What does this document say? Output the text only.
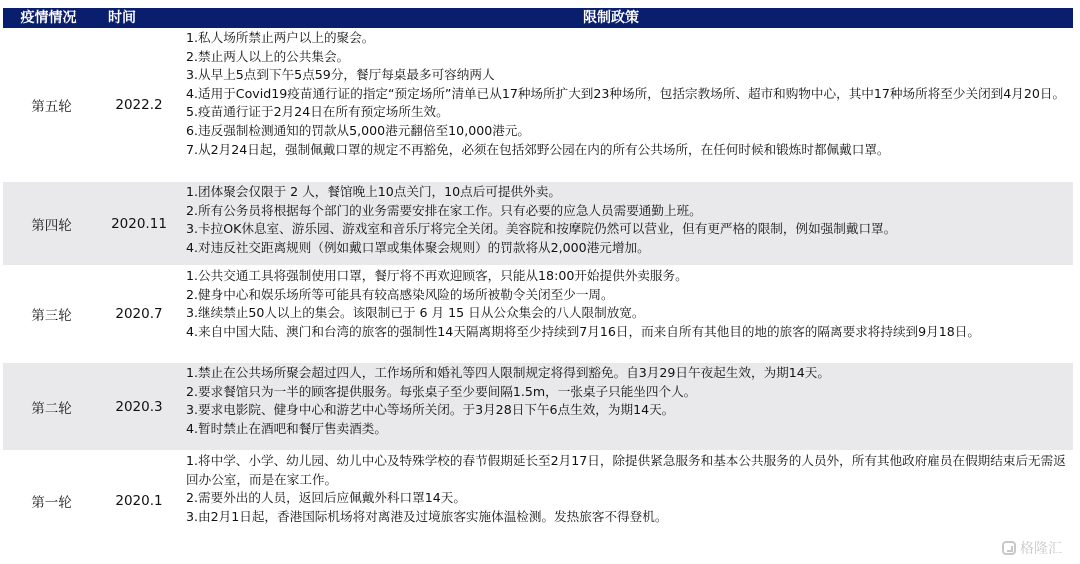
疫情情况	时间	限制政策
第五轮	2022.2
1.私人场所禁止两户以上的聚会。
2.禁止两人以上的公共集会。
3.从早上5点到下午5点59分，餐厅每桌最多可容纳两人
4.适用于Covid19疫苗通行证的指定“预定场所”清单已从17种场所扩大到23种场所，包括宗教场所、超市和购物中心，其中17种场所将至少关闭到4月20日。
5.疫苗通行证于2月24日在所有预定场所生效。
6.违反强制检测通知的罚款从5,000港元翻倍至10,000港元。
7.从2月24日起，强制佩戴口罩的规定不再豁免，必须在包括郊野公园在内的所有公共场所，在任何时候和锻炼时都佩戴口罩。
第四轮	2020.11
1.团体聚会仅限于 2 人，餐馆晚上10点关门，10点后可提供外卖。
2.所有公务员将根据每个部门的业务需要安排在家工作。只有必要的应急人员需要通勤上班。
3.卡拉OK休息室、游乐园、游戏室和音乐厅将完全关闭。美容院和按摩院仍然可以营业，但有更严格的限制，例如强制戴口罩。
4.对违反社交距离规则（例如戴口罩或集体聚会规则）的罚款将从2,000港元增加。
第三轮	2020.7
1.公共交通工具将强制使用口罩，餐厅将不再欢迎顾客，只能从18:00开始提供外卖服务。
2.健身中心和娱乐场所等可能具有较高感染风险的场所被勒令关闭至少一周。
3.继续禁止50人以上的集会。该限制已于 6 月 15 日从公众集会的八人限制放宽。
4.来自中国大陆、澳门和台湾的旅客的强制性14天隔离期将至少持续到7月16日，而来自所有其他目的地的旅客的隔离要求将持续到9月18日。
第二轮	2020.3
1.禁止在公共场所聚会超过四人，工作场所和婚礼等四人限制规定将得到豁免。自3月29日午夜起生效，为期14天。
2.要求餐馆只为一半的顾客提供服务。每张桌子至少要间隔1.5m，一张桌子只能坐四个人。
3.要求电影院、健身中心和游艺中心等场所关闭。于3月28日下午6点生效，为期14天。
4.暂时禁止在酒吧和餐厅售卖酒类。
第一轮	2020.1
1.将中学、小学、幼儿园、幼儿中心及特殊学校的春节假期延长至2月17日，除提供紧急服务和基本公共服务的人员外，所有其他政府雇员在假期结束后无需返回办公室，而是在家工作。
2.需要外出的人员，返回后应佩戴外科口罩14天。
3.由2月1日起，香港国际机场将对离港及过境旅客实施体温检测。发热旅客不得登机。
格隆汇
